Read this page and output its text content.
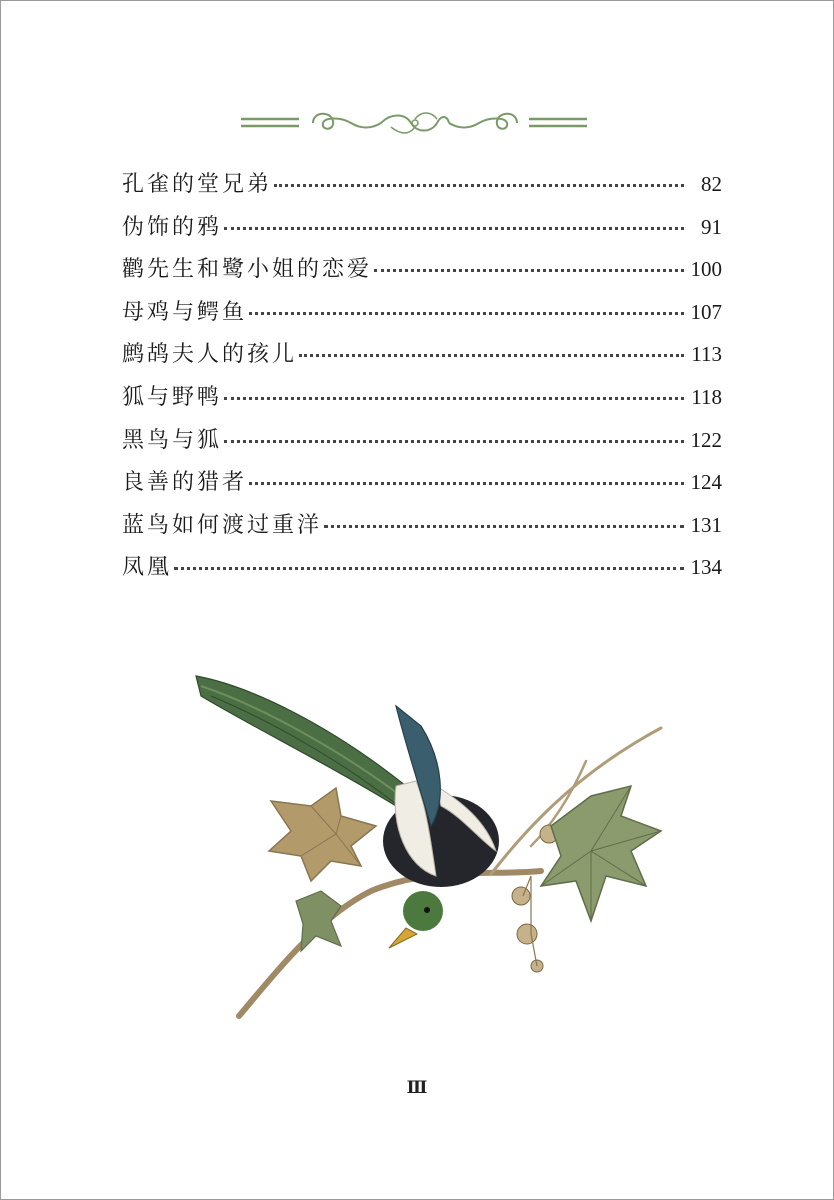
孔雀的堂兄弟	82
伪饰的鸦	91
鹳先生和鹭小姐的恋爱	100
母鸡与鳄鱼	107
鹧鸪夫人的孩儿	113
狐与野鸭	118
黑鸟与狐	122
良善的猎者	124
蓝鸟如何渡过重洋	131
凤凰	134
Ⅲ
